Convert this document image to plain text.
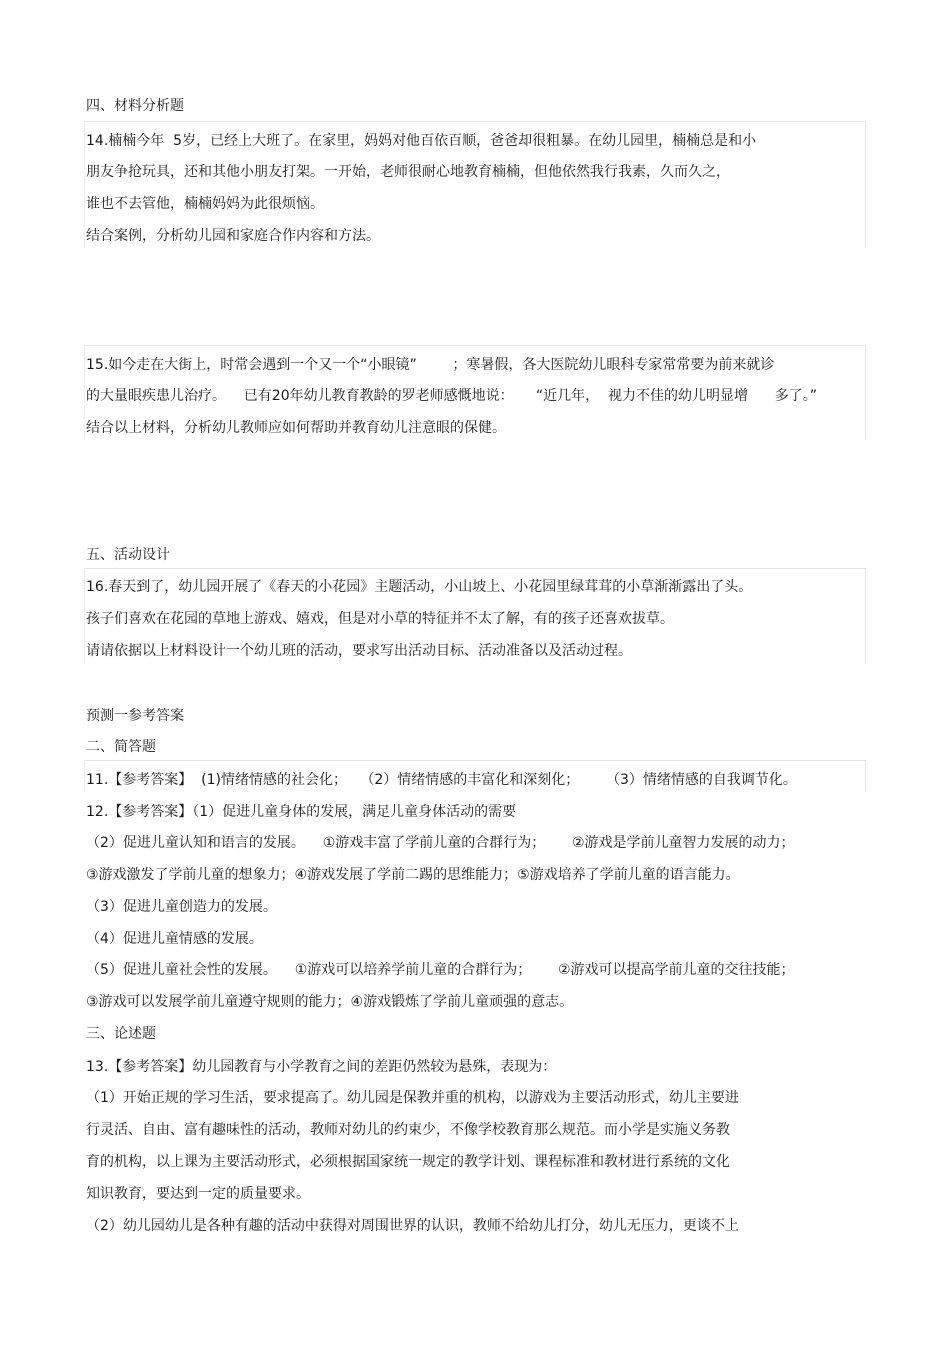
四、材料分析题

14.楠楠今年  5岁，已经上大班了。在家里，妈妈对他百依百顺，爸爸却很粗暴。在幼儿园里，楠楠总是和小

朋友争抢玩具，还和其他小朋友打架。一开始，老师很耐心地教育楠楠，但他依然我行我素，久而久之，

谁也不去管他，楠楠妈妈为此很烦恼。

结合案例，分析幼儿园和家庭合作内容和方法。

15.如今走在大街上，时常会遇到一个又一个“小眼镜”        ；寒暑假，各大医院幼儿眼科专家常常要为前来就诊

的大量眼疾患儿治疗。    已有20年幼儿教育教龄的罗老师感慨地说：     “近几年，  视力不佳的幼儿明显增      多了。”

结合以上材料，分析幼儿教师应如何帮助并教育幼儿注意眼的保健。

五、活动设计

16.春天到了，幼儿园开展了《春天的小花园》主题活动，小山坡上、小花园里绿茸茸的小草渐渐露出了头。

孩子们喜欢在花园的草地上游戏、嬉戏，但是对小草的特征并不太了解，有的孩子还喜欢拔草。

请请依据以上材料设计一个幼儿班的活动，要求写出活动目标、活动准备以及活动过程。

预测一参考答案

二、简答题

11.【参考答案】  (1)情绪情感的社会化；   （2）情绪情感的丰富化和深刻化；      （3）情绪情感的自我调节化。

12.【参考答案】（1）促进儿童身体的发展，满足儿童身体活动的需要

（2）促进儿童认知和语言的发展。    ①游戏丰富了学前儿童的合群行为；      ②游戏是学前儿童智力发展的动力；

③游戏激发了学前儿童的想象力；④游戏发展了学前二踢的思维能力；⑤游戏培养了学前儿童的语言能力。

（3）促进儿童创造力的发展。

（4）促进儿童情感的发展。

（5）促进儿童社会性的发展。    ①游戏可以培养学前儿童的合群行为；      ②游戏可以提高学前儿童的交往技能；

③游戏可以发展学前儿童遵守规则的能力；④游戏锻炼了学前儿童顽强的意志。

三、论述题

13.【参考答案】幼儿园教育与小学教育之间的差距仍然较为悬殊，表现为：

（1）开始正规的学习生活，要求提高了。幼儿园是保教并重的机构，以游戏为主要活动形式，幼儿主要进

行灵活、自由、富有趣味性的活动，教师对幼儿的约束少，不像学校教育那么规范。而小学是实施义务教

育的机构，以上课为主要活动形式，必须根据国家统一规定的教学计划、课程标准和教材进行系统的文化

知识教育，要达到一定的质量要求。

（2）幼儿园幼儿是各种有趣的活动中获得对周围世界的认识，教师不给幼儿打分，幼儿无压力，更谈不上
